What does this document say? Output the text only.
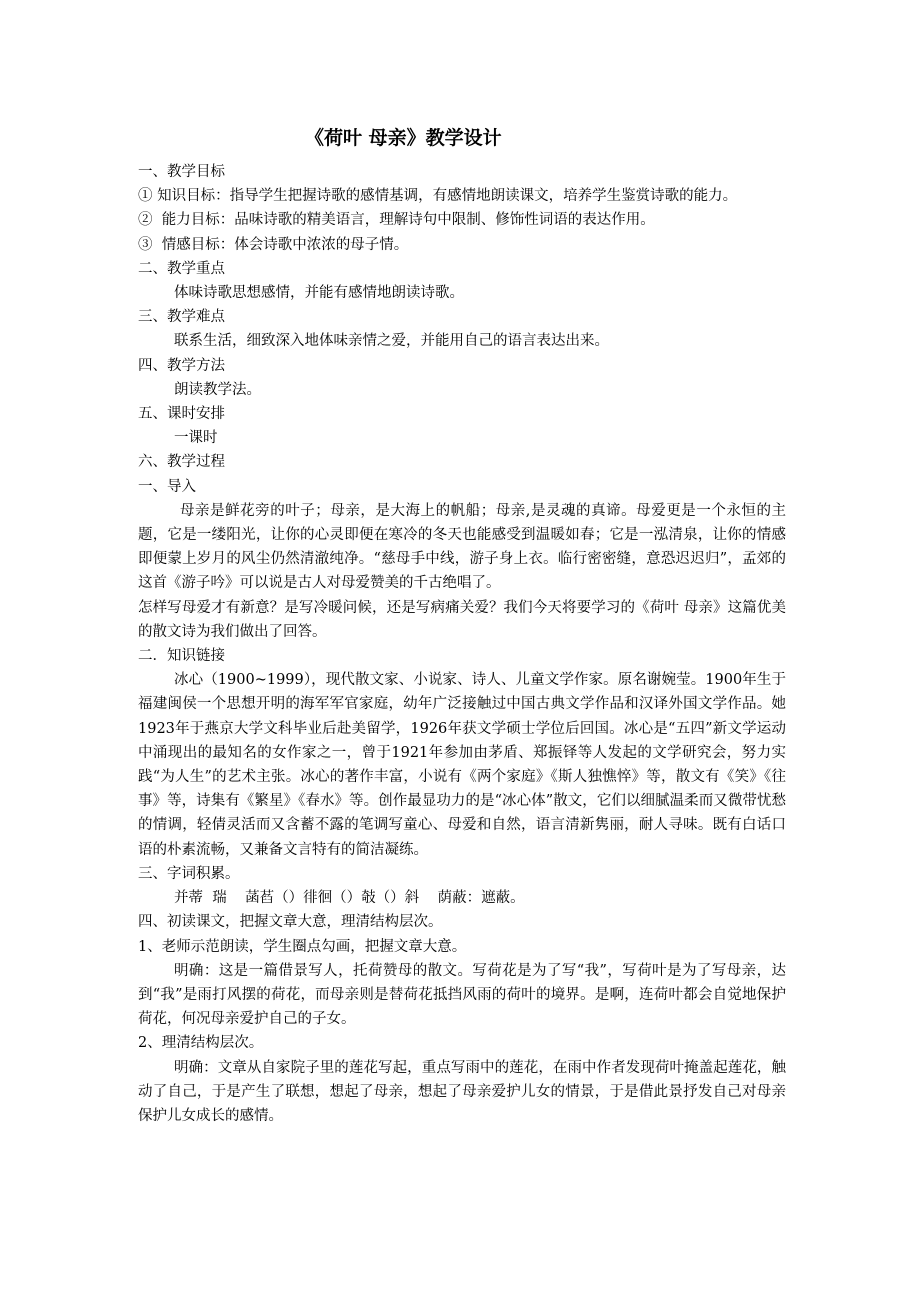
《荷叶 母亲》教学设计
一、教学目标
① 知识目标：指导学生把握诗歌的感情基调，有感情地朗读课文，培养学生鉴赏诗歌的能力。
②  能力目标：品味诗歌的精美语言，理解诗句中限制、修饰性词语的表达作用。
③  情感目标：体会诗歌中浓浓的母子情。
二、教学重点
体味诗歌思想感情，并能有感情地朗读诗歌。
三、教学难点
联系生活，细致深入地体味亲情之爱，并能用自己的语言表达出来。
四、教学方法
朗读教学法。
五、课时安排
一课时
六、教学过程
一、导入
母亲是鲜花旁的叶子；母亲，是大海上的帆船；母亲,是灵魂的真谛。母爱更是一个永恒的主题，它是一缕阳光，让你的心灵即便在寒冷的冬天也能感受到温暖如春；它是一泓清泉，让你的情感即便蒙上岁月的风尘仍然清澈纯净。“慈母手中线，游子身上衣。临行密密缝，意恐迟迟归”，孟郊的这首《游子吟》可以说是古人对母爱赞美的千古绝唱了。
怎样写母爱才有新意？是写冷暖问候，还是写病痛关爱？我们今天将要学习的《荷叶 母亲》这篇优美的散文诗为我们做出了回答。
二．知识链接
冰心（1900~1999），现代散文家、小说家、诗人、儿童文学作家。原名谢婉莹。1900年生于福建闽侯一个思想开明的海军军官家庭，幼年广泛接触过中国古典文学作品和汉译外国文学作品。她1923年于燕京大学文科毕业后赴美留学，1926年获文学硕士学位后回国。冰心是“五四”新文学运动中涌现出的最知名的女作家之一，曾于1921年参加由茅盾、郑振铎等人发起的文学研究会，努力实践“为人生”的艺术主张。冰心的著作丰富，小说有《两个家庭》《斯人独憔悴》等，散文有《笑》《往事》等，诗集有《繁星》《春水》等。创作最显功力的是“冰心体”散文，它们以细腻温柔而又微带忧愁的情调，轻倩灵活而又含蓄不露的笔调写童心、母爱和自然，语言清新隽丽，耐人寻味。既有白话口语的朴素流畅，又兼备文言特有的简洁凝练。
三、字词积累。
并蒂  瑞    菡萏（）徘徊（）攲（）斜    荫蔽：遮蔽。
四、初读课文，把握文章大意，理清结构层次。
1、老师示范朗读，学生圈点勾画，把握文章大意。
明确：这是一篇借景写人，托荷赞母的散文。写荷花是为了写“我”，写荷叶是为了写母亲，达到“我”是雨打风摆的荷花，而母亲则是替荷花抵挡风雨的荷叶的境界。是啊，连荷叶都会自觉地保护荷花，何况母亲爱护自己的子女。
2、理清结构层次。
明确：文章从自家院子里的莲花写起，重点写雨中的莲花，在雨中作者发现荷叶掩盖起莲花，触动了自己，于是产生了联想，想起了母亲，想起了母亲爱护儿女的情景，于是借此景抒发自己对母亲保护儿女成长的感情。
